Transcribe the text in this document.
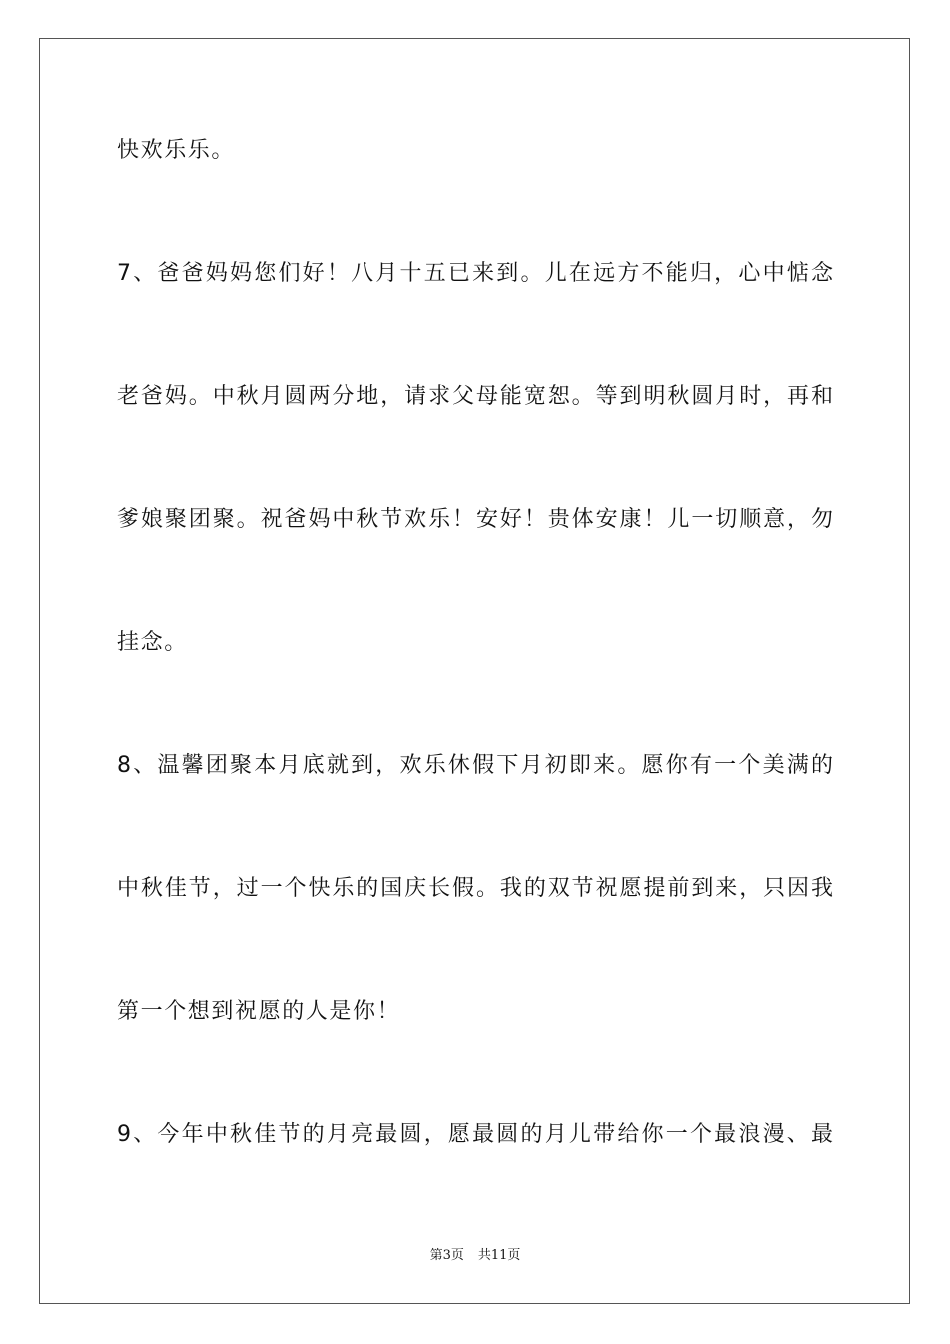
快欢乐乐。
7、爸爸妈妈您们好！八月十五已来到。儿在远方不能归，心中惦念
老爸妈。中秋月圆两分地，请求父母能宽恕。等到明秋圆月时，再和
爹娘聚团聚。祝爸妈中秋节欢乐！安好！贵体安康！儿一切顺意，勿
挂念。
8、温馨团聚本月底就到，欢乐休假下月初即来。愿你有一个美满的
中秋佳节，过一个快乐的国庆长假。我的双节祝愿提前到来，只因我
第一个想到祝愿的人是你！
9、今年中秋佳节的月亮最圆，愿最圆的月儿带给你一个最浪漫、最
第3页 共11页
